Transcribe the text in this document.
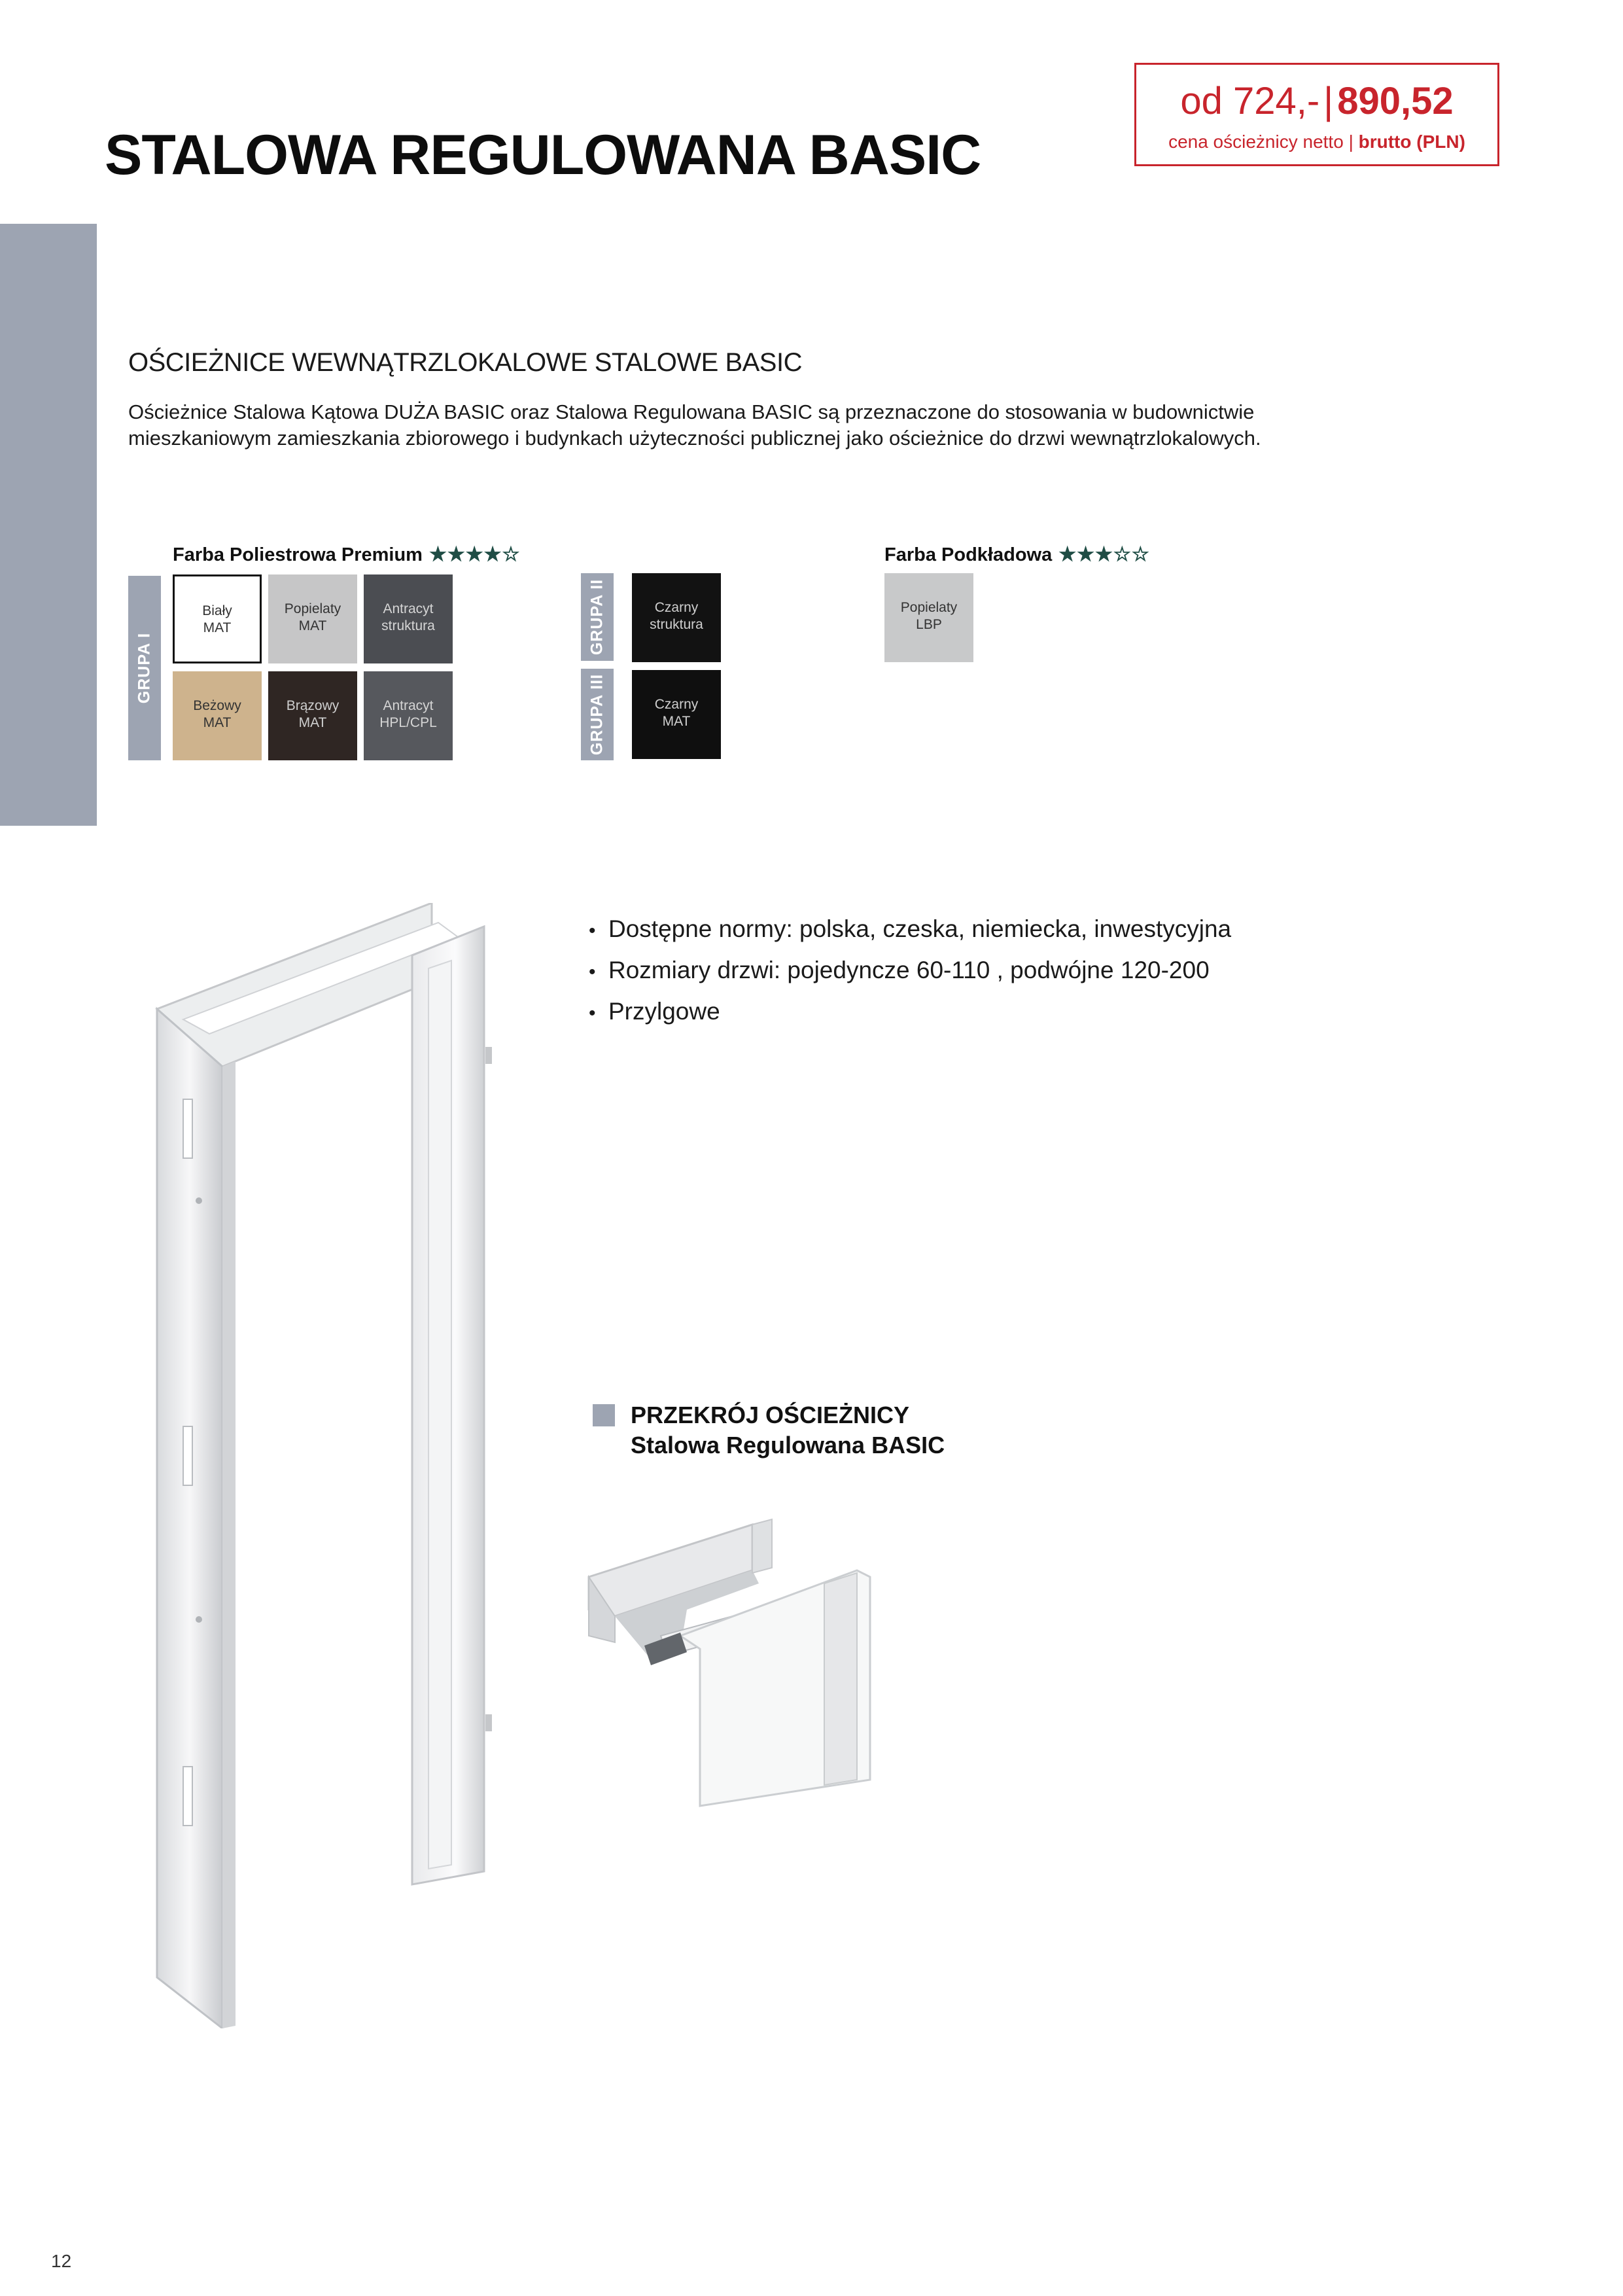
STALOWA REGULOWANA BASIC
od 724,- | 890,52
cena ościeżnicy netto | brutto (PLN)
OŚCIEŻNICE WEWNĄTRZLOKALOWE STALOWE BASIC

Ościeżnice Stalowa Kątowa DUŻA BASIC oraz Stalowa Regulowana BASIC są przeznaczone do stosowania w budownictwie mieszkaniowym zamieszkania zbiorowego i budynkach użyteczności publicznej jako ościeżnice do drzwi wewnątrzlokalowych.

Farba Poliestrowa Premium ★★★★☆	Farba Podkładowa ★★★☆☆
GRUPA I
GRUPA II
GRUPA III
Biały
MAT
Popielaty
MAT
Antracyt
struktura
Beżowy
MAT
Brązowy
MAT
Antracyt
HPL/CPL
Czarny
struktura
Czarny
MAT
Popielaty
LBP
• Dostępne normy: polska, czeska, niemiecka, inwestycyjna
• Rozmiary drzwi: pojedyncze 60-110 , podwójne 120-200
• Przylgowe
PRZEKRÓJ OŚCIEŻNICY
Stalowa Regulowana BASIC
12
